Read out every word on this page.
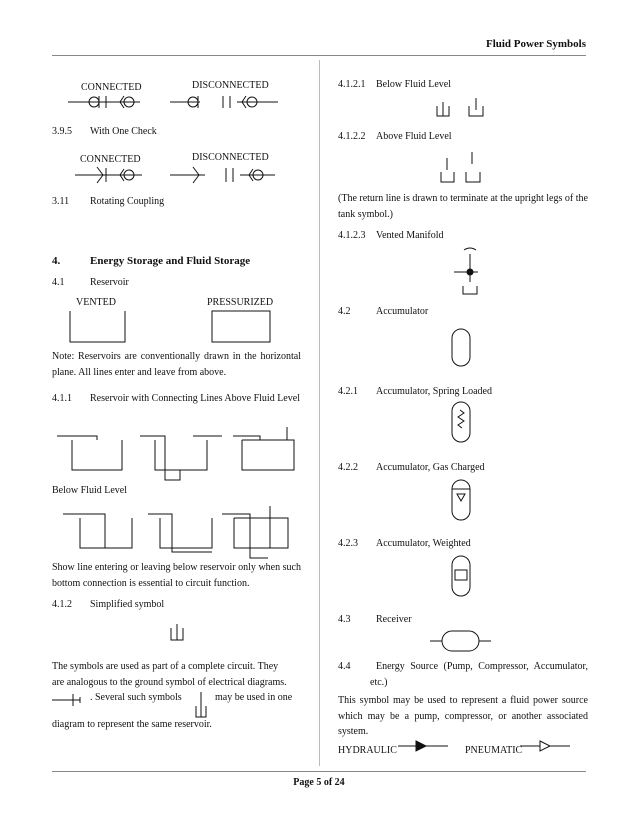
Fluid Power Symbols
CONNECTED	DISCONNECTED
3.9.5 With One Check
CONNECTED	DISCONNECTED
3.11 Rotating Coupling
4.	Energy Storage and Fluid Storage
4.1	Reservoir
VENTED	PRESSURIZED
Note: Reservoirs are conventionally drawn in the horizontal plane. All lines enter and leave from above.
4.1.1	Reservoir with Connecting Lines Above Fluid Level
Below Fluid Level
Show line entering or leaving below reservoir only when such bottom connection is essential to circuit function.
4.1.2 Simplified symbol
The symbols are used as part of a complete circuit. They
are analogous to the ground symbol of electrical diagrams.
. Several such symbols	may be used in one
diagram to represent the same reservoir.
4.1.2.1 Below Fluid Level
4.1.2.2 Above Fluid Level
(The return line is drawn to terminate at the upright legs of the tank symbol.)
4.1.2.3 Vented Manifold
4.2	Accumulator
4.2.1 Accumulator, Spring Loaded
4.2.2 Accumulator, Gas Charged
4.2.3 Accumulator, Weighted
4.3	Receiver
4.4	Energy Source (Pump, Compressor, Accumulator, etc.)
This symbol may be used to represent a fluid power source which may be a pump, compressor, or another associated system.
HYDRAULIC	PNEUMATIC
Page 5 of 24
